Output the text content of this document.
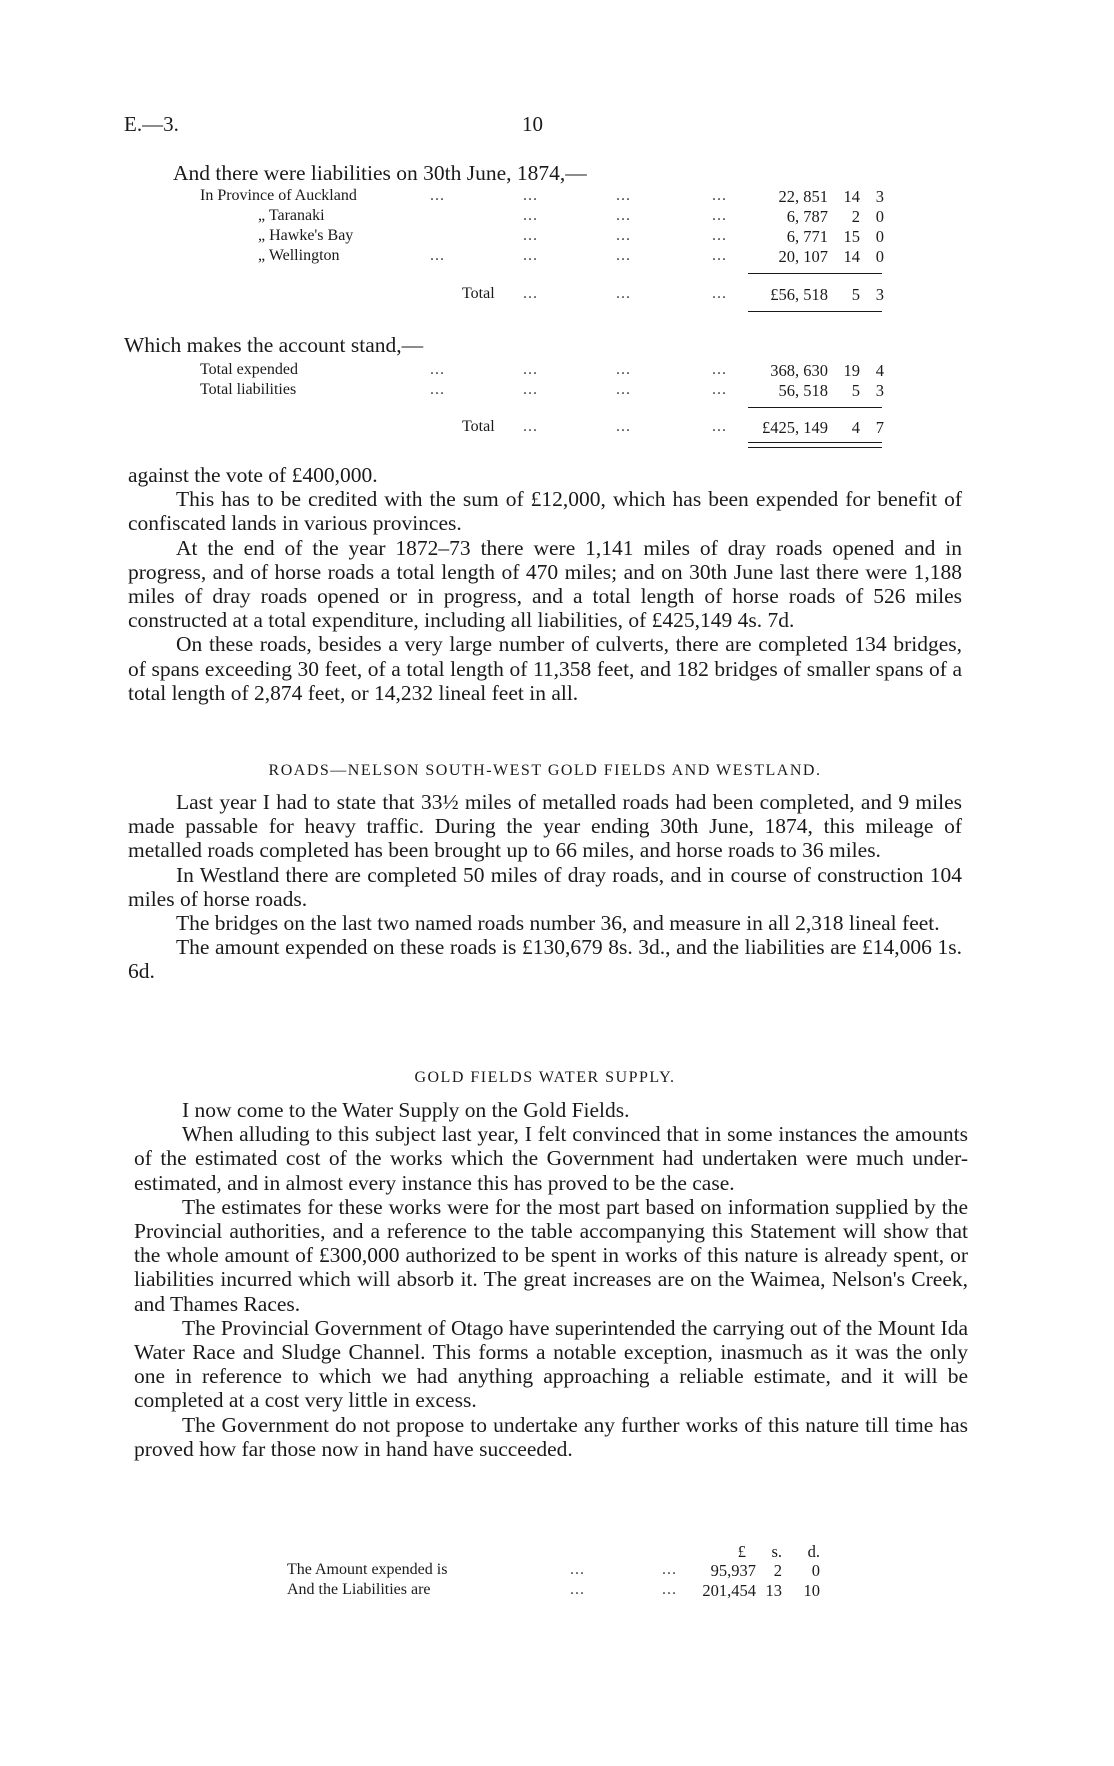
E.—3.	10
And there were liabilities on 30th June, 1874,—
In Province of Auckland	...	...	...	...	22, 851 14 3
„ Taranaki	...	...	...	6, 787	2 0
„ Hawke's Bay	...	...	...	6, 771 15 0
„ Wellington	...	...	...	...	20, 107 14 0
Total ...	...	...	£56, 518	5 3
Which makes the account stand,—
Total expended	...	...	...	...	368, 630 19 4
Total liabilities	...	...	...	...	56, 518	5 3
Total ...	...	...	£425, 149	4 7

against the vote of £400,000.

This has to be credited with the sum of £12,000, which has been expended for benefit of confiscated lands in various provinces.

At the end of the year 1872–73 there were 1,141 miles of dray roads opened and in progress, and of horse roads a total length of 470 miles; and on 30th June last there were 1,188 miles of dray roads opened or in progress, and a total length of horse roads of 526 miles constructed at a total expenditure, including all liabilities, of £425,149 4s. 7d.

On these roads, besides a very large number of culverts, there are completed 134 bridges, of spans exceeding 30 feet, of a total length of 11,358 feet, and 182 bridges of smaller spans of a total length of 2,874 feet, or 14,232 lineal feet in all.

ROADS—NELSON SOUTH-WEST GOLD FIELDS AND WESTLAND.

Last year I had to state that 33½ miles of metalled roads had been completed, and 9 miles made passable for heavy traffic. During the year ending 30th June, 1874, this mileage of metalled roads completed has been brought up to 66 miles, and horse roads to 36 miles.

In Westland there are completed 50 miles of dray roads, and in course of construction 104 miles of horse roads.

The bridges on the last two named roads number 36, and measure in all 2,318 lineal feet.

The amount expended on these roads is £130,679 8s. 3d., and the liabilities are £14,006 1s. 6d.

GOLD FIELDS WATER SUPPLY.

I now come to the Water Supply on the Gold Fields.

When alluding to this subject last year, I felt convinced that in some instances the amounts of the estimated cost of the works which the Government had undertaken were much under-estimated, and in almost every instance this has proved to be the case.

The estimates for these works were for the most part based on information supplied by the Provincial authorities, and a reference to the table accompanying this Statement will show that the whole amount of £300,000 authorized to be spent in works of this nature is already spent, or liabilities incurred which will absorb it. The great increases are on the Waimea, Nelson's Creek, and Thames Races.

The Provincial Government of Otago have superintended the carrying out of the Mount Ida Water Race and Sludge Channel. This forms a notable exception, inasmuch as it was the only one in reference to which we had anything approaching a reliable estimate, and it will be completed at a cost very little in excess.

The Government do not propose to undertake any further works of this nature till time has proved how far those now in hand have succeeded.

£	s.	d.
The Amount expended is	...	...	95,937	2	0
And the Liabilities are	...	...	201,454 13	10
